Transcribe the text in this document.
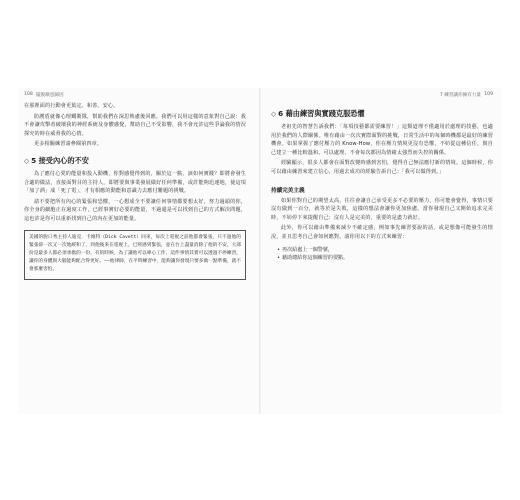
108 擺脫敵意歸因

在那裡面的行動會更篤定、和善、安心。

防護盾就像心理鐵衛隊，幫助我們在深思熟慮後回應。我們可以用這樣的意象對自己說：我不會讓攻擊者破壞我的神經系統及身體感覺，幫助自己不受影響，我不會允許這些爭論我的情況探究的時在威脅我的心情。

更多相關練習請參閱第四章。

◇ 5 接受內心的不安

為了應付心愛的能量和投入動機，你對感覺得到的，關於這一點，該如何實踐？即將會發生合適的做法，直接面對目的主持人，即將要與事業發展做好任何準備，或許能夠迅速地，使這項「加了酒」成「死了電」，才有相應的動能和意識力去應付難題的挑戰。

請不要把所有內心的緊張和恐懼，一心想成全不要讓任何事情都要想太好，努力過頭的你，你全身的細胞正在過度工作，已經事實好必要的能量，不過還是可以找到自己的方式解決問題，這也許是你可以重新找到自己的內在更加的能量。

美國的脫口秀主持人迪克．卡維特（Dick Cavett）回來，每次上電視之前他都會緊張，只不過他的緊張卻一次又一次地緩和了，到他後來在電視上，已經感到緊張，並在台上盡量消除了他的不安，大部份是最多人都必須承擔的一份，有的時候，為了讓他可以專心工作，這件事情其實可以透過不停練習，讓你的身體與大腦能夠配合得更好。——他律師，在平時練習中，能夠讓你發現只要多做一點準備，就不會那麼害怕。

7 練習讓你擁有力量 109
◇ 6 藉由練習與實踐克服恐懼

老祖先的智慧告訴我們：「每項技藝都需要練習！」這類道理不僅適用於處理的技藝，也適用於我們的人際關係。唯有藉由一次次實際面對的挑戰，日常生活中的每個時機都是最好的練習機會。如果掌握了應付壓力的 Know-How，你在壓力情境更沒有恐懼，不妨從這種信任，與自己建立一種比較溫和、可以處理、不會每次都因為情緒太強烈而失控的關係。

經驗顯示，很多人都會在面對改變時感到害怕，覺得自己無法應付新的情境。這個時候，你可以藉由練習來建立信心，用過去成功的經驗告訴自己：「我可以做得到。」

持續完美主義

如果你對自己的期望太高，往往會讓自己承受更多不必要的壓力，你可能會覺得，事情只要沒有做到一百分，就等於是失敗，這樣的想法會讓你更加焦慮。當你發現自己又開始追求完美時，不妨停下來提醒自己：沒有人是完美的，重要的是盡力就好。

此外，你可以藉由準備來減少不確定感，例如事先練習要說的話，或是想像可能發生的情況，並且思考自己會如何應對。請你用以下的方式來練習：

• 再次給處上一個警號，
• 藉助總結你這個練習的要點。
